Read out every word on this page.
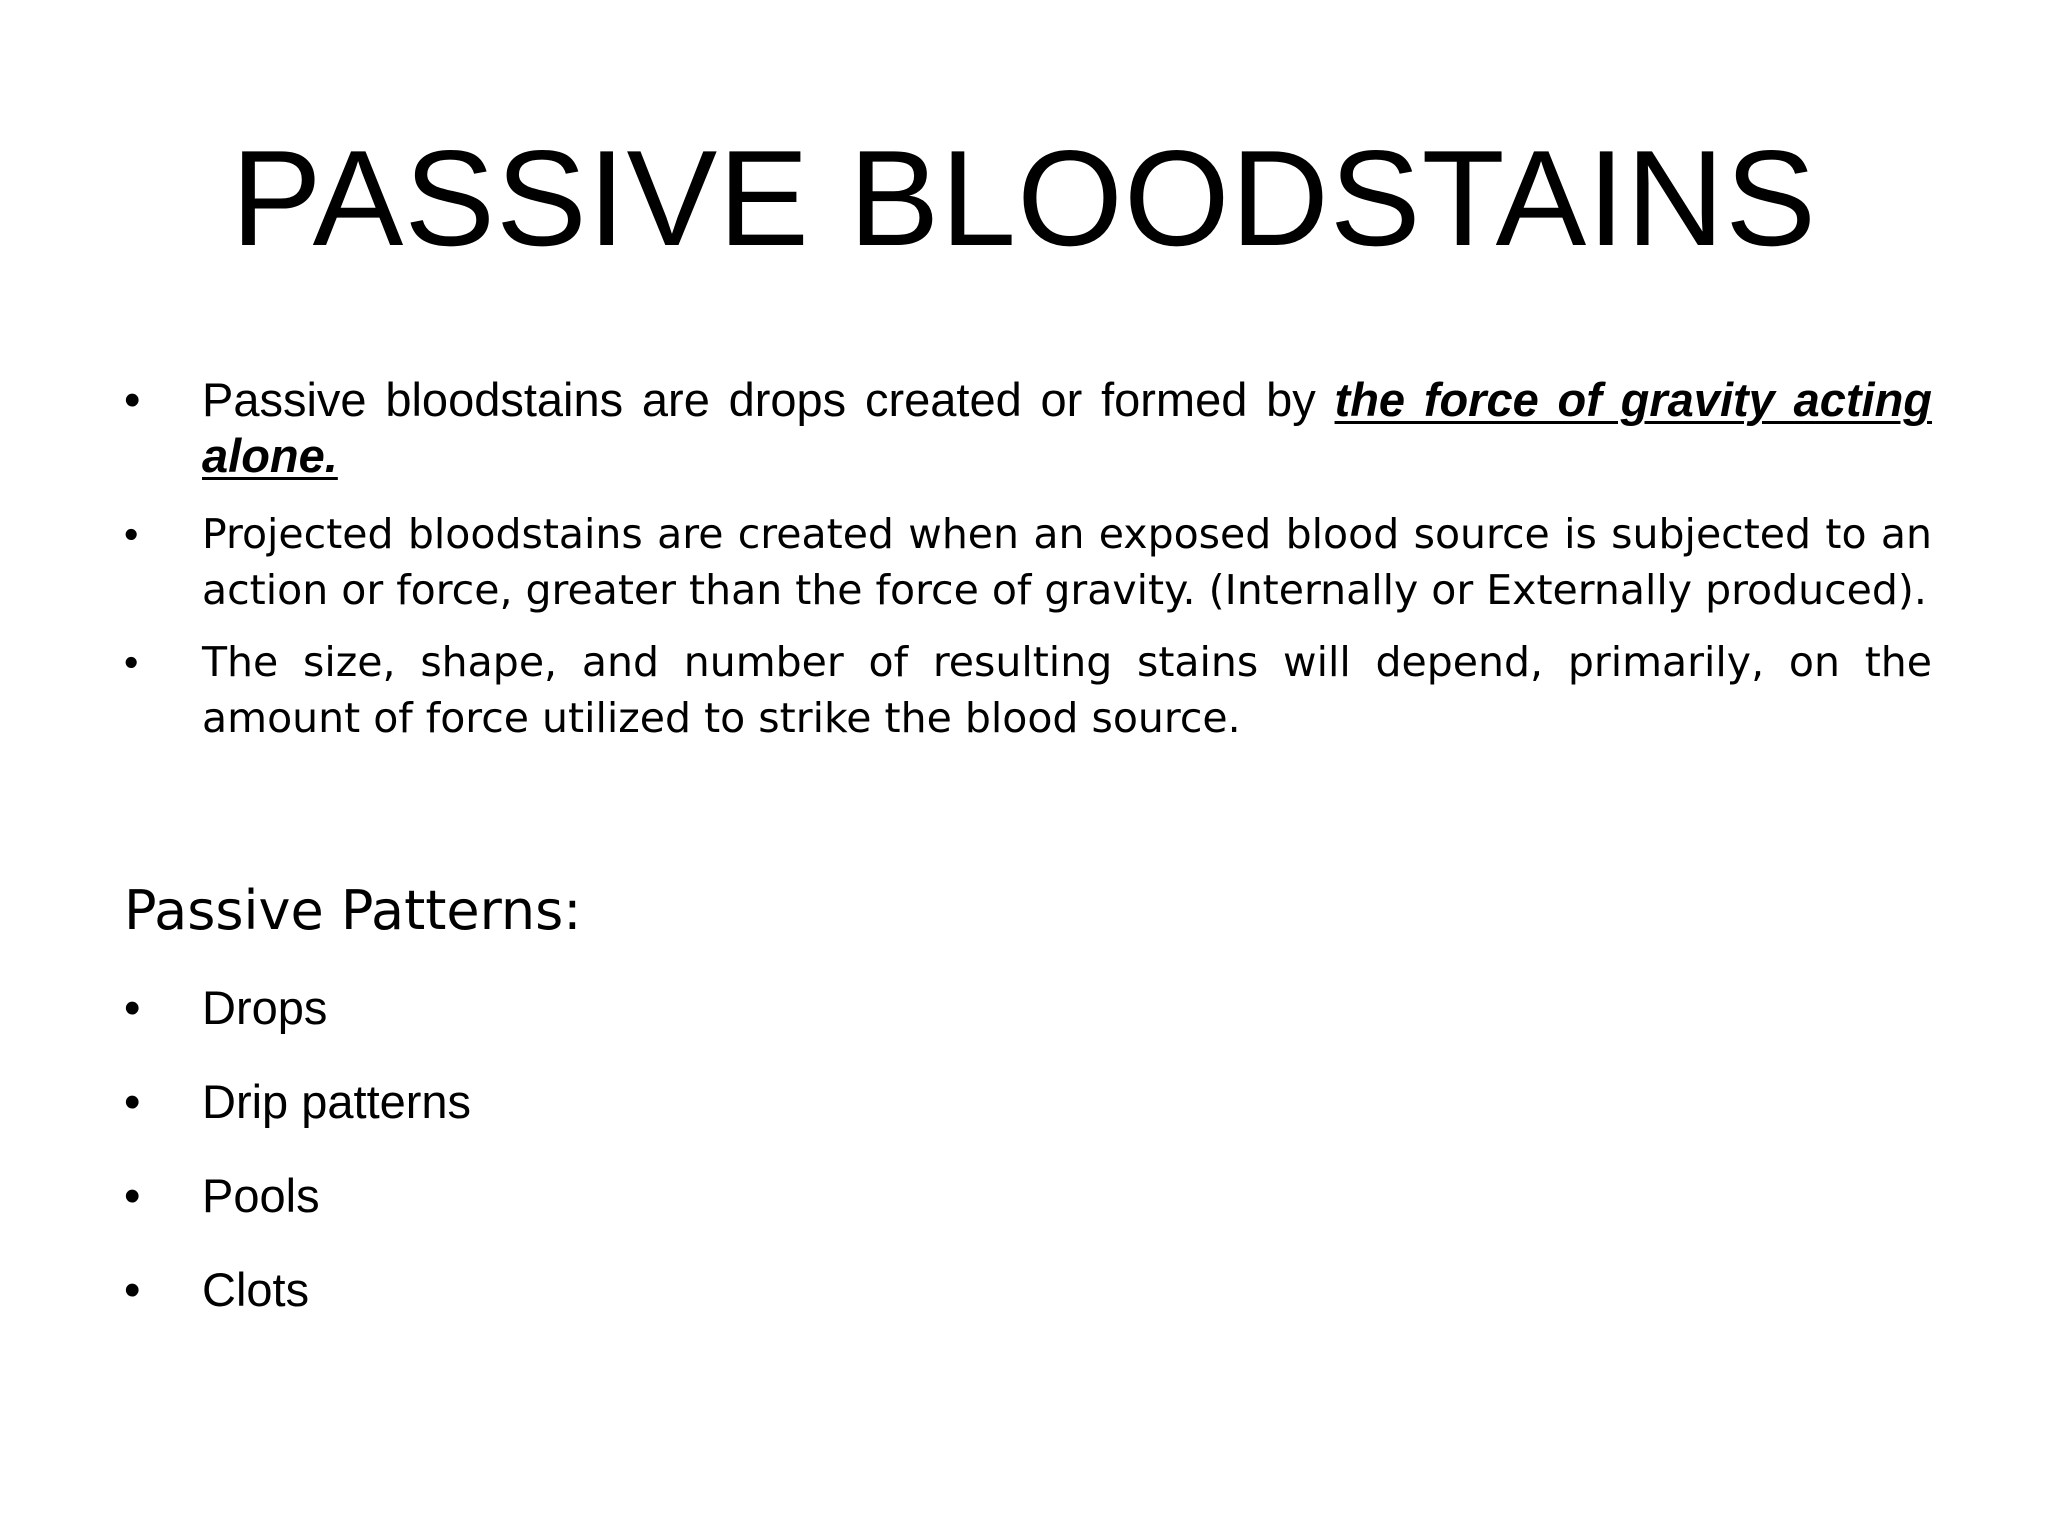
PASSIVE BLOODSTAINS
• Passive bloodstains are drops created or formed by the force of gravity acting alone.
• Projected bloodstains are created when an exposed blood source is subjected to an action or force, greater than the force of gravity. (Internally or Externally produced).
• The size, shape, and number of resulting stains will depend, primarily, on the amount of force utilized to strike the blood source.
Passive Patterns:
• Drops
• Drip patterns
• Pools
• Clots
